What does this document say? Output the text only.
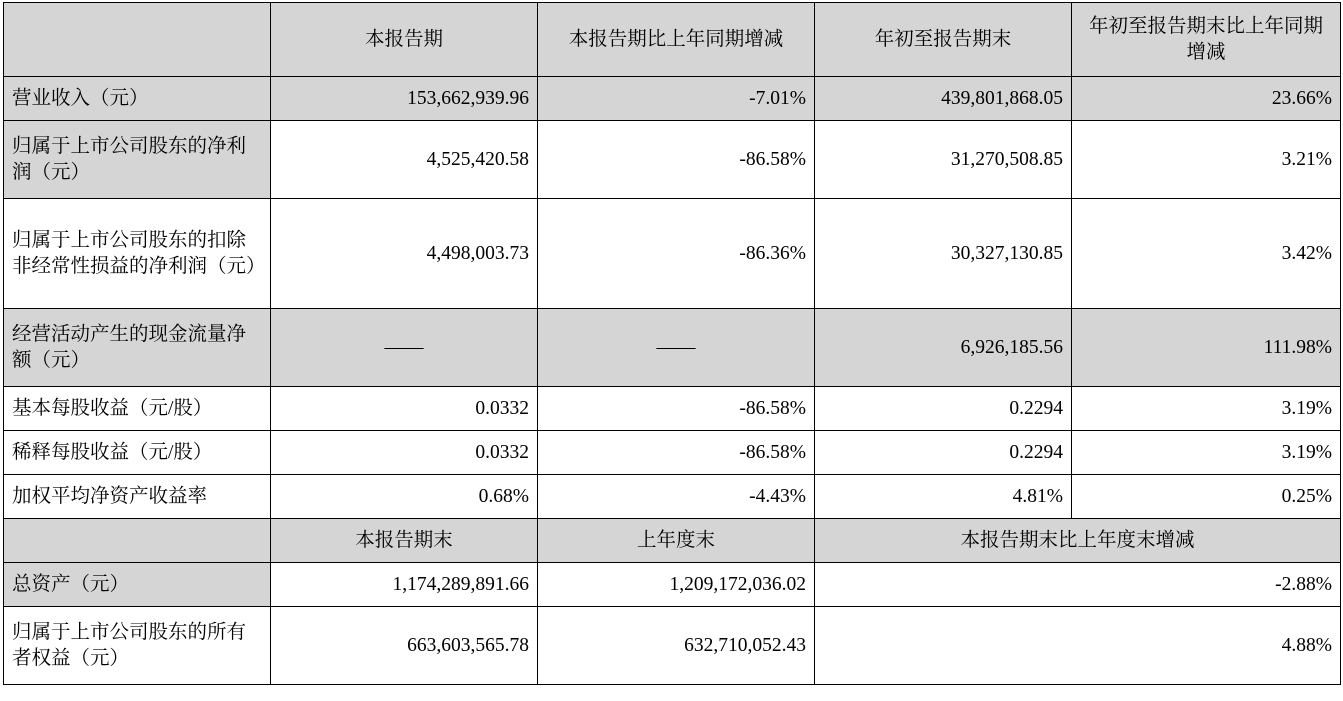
	本报告期	本报告期比上年同期增减	年初至报告期末	年初至报告期末比上年同期增减
营业收入（元）	153,662,939.96	-7.01%	439,801,868.05	23.66%
归属于上市公司股东的净利润（元）	4,525,420.58	-86.58%	31,270,508.85	3.21%
归属于上市公司股东的扣除非经常性损益的净利润（元）	4,498,003.73	-86.36%	30,327,130.85	3.42%
经营活动产生的现金流量净额（元）	——	——	6,926,185.56	111.98%
基本每股收益（元/股）	0.0332	-86.58%	0.2294	3.19%
稀释每股收益（元/股）	0.0332	-86.58%	0.2294	3.19%
加权平均净资产收益率	0.68%	-4.43%	4.81%	0.25%
	本报告期末	上年度末	本报告期末比上年度末增减	
总资产（元）	1,174,289,891.66	1,209,172,036.02	-2.88%	
归属于上市公司股东的所有者权益（元）	663,603,565.78	632,710,052.43	4.88%	
